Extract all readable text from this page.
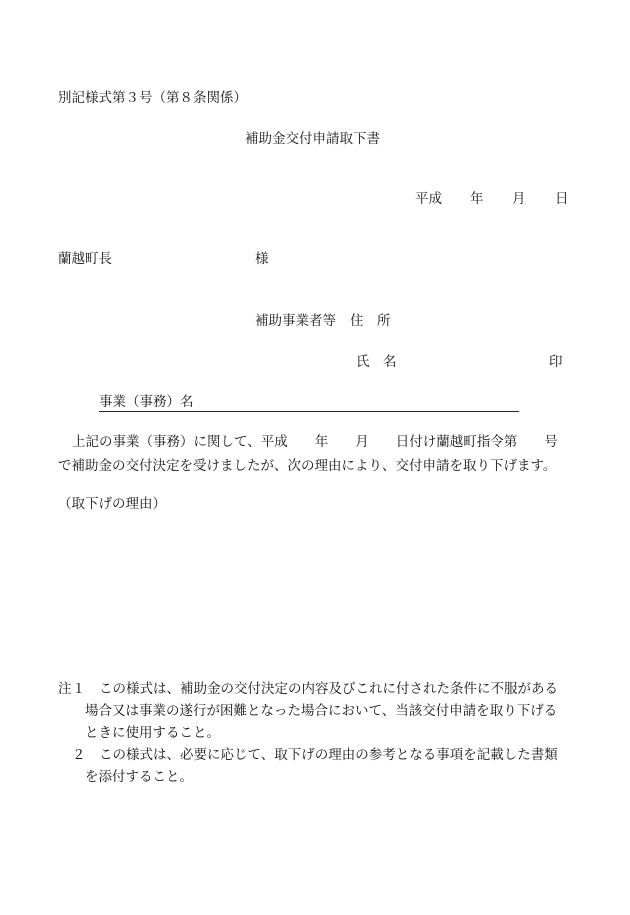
別記様式第３号（第８条関係）
補助金交付申請取下書
平成 年 月 日
蘭越町長	様
補助事業者等 住　所
氏　名	印
事業（事務）名
上記の事業（事務）に関して、平成　　年　　月　　日付け蘭越町指令第　　号
で補助金の交付決定を受けましたが、次の理由により、交付申請を取り下げます。
（取下げの理由）
注 １ この様式は、補助金の交付決定の内容及びこれに付された条件に不服がある
場合又は事業の遂行が困難となった場合において、当該交付申請を取り下げる
ときに使用すること。
２ この様式は、必要に応じて、取下げの理由の参考となる事項を記載した書類
を添付すること。
